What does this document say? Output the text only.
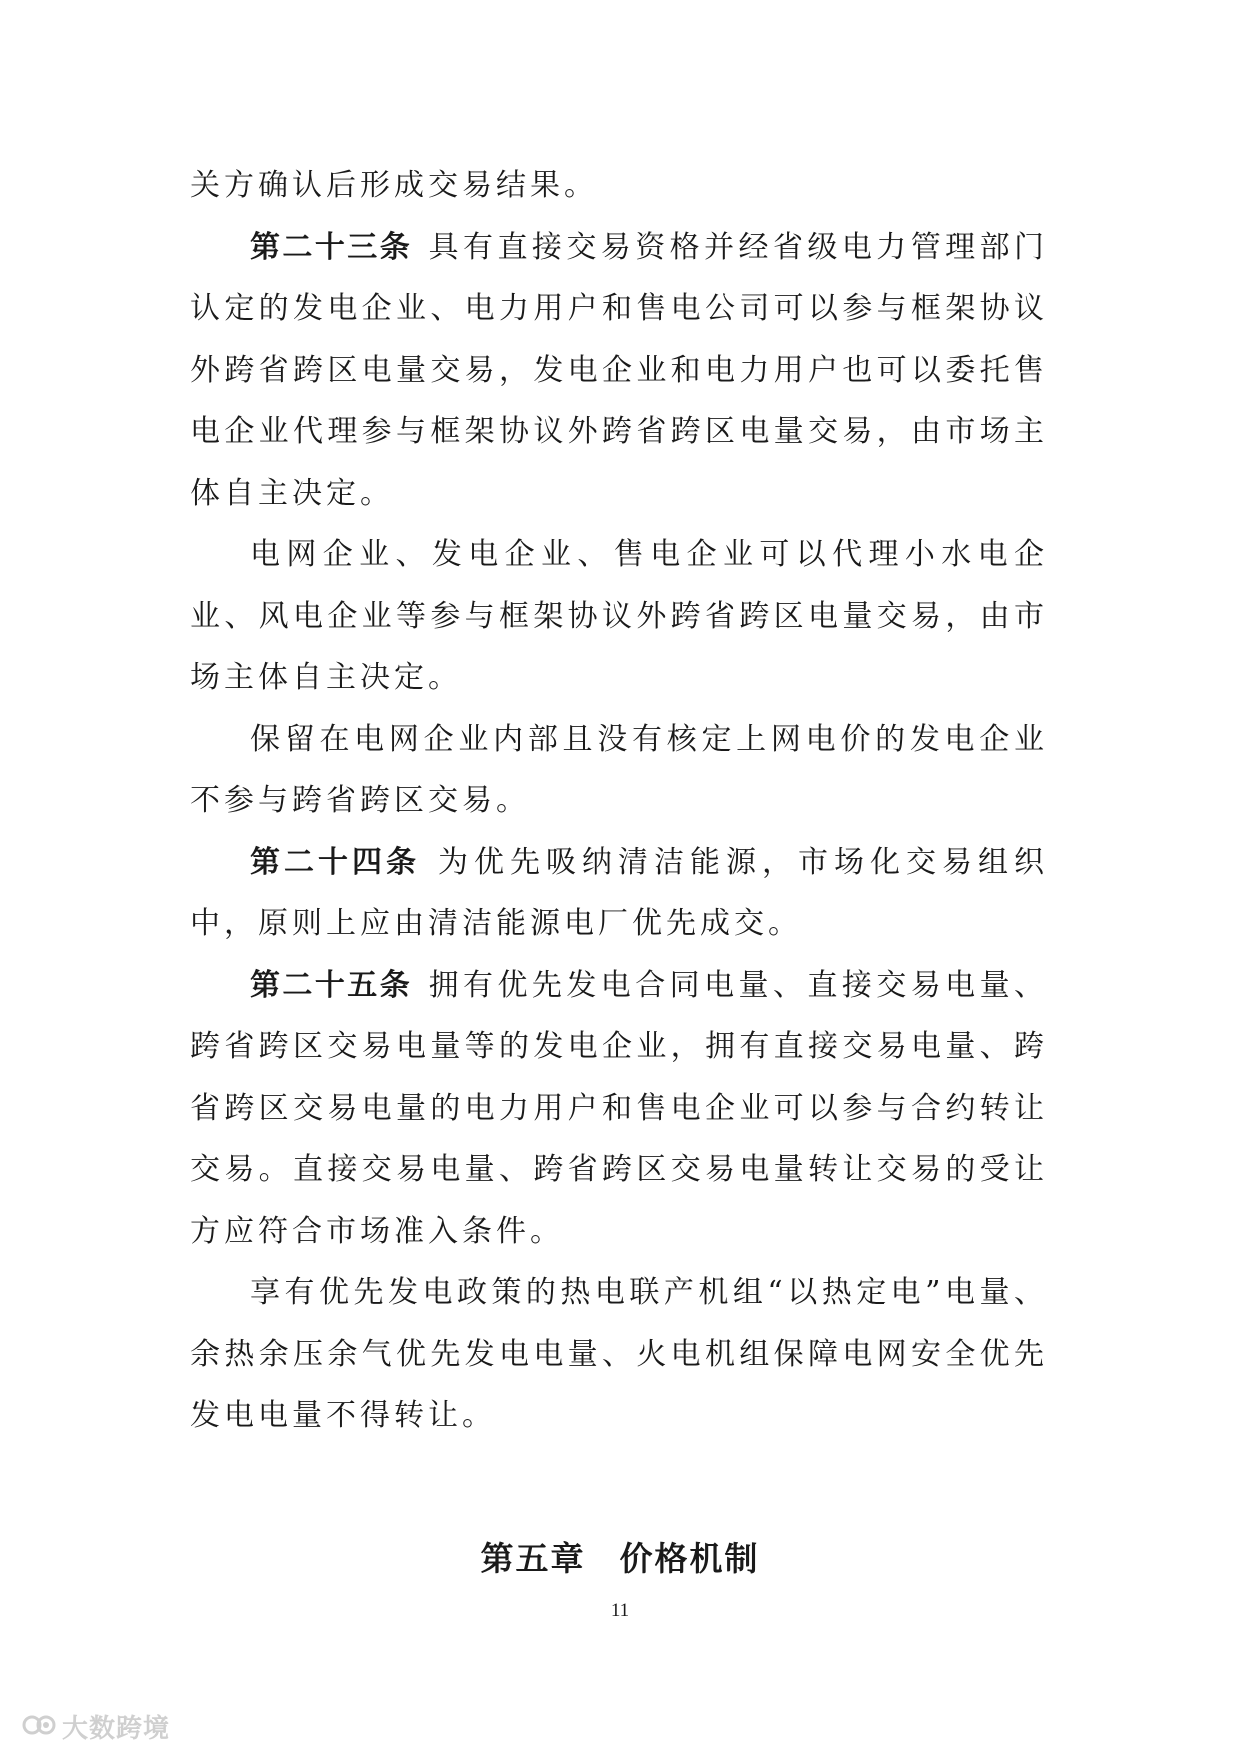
关方确认后形成交易结果。

第二十三条 具有直接交易资格并经省级电力管理部门认定的发电企业、电力用户和售电公司可以参与框架协议外跨省跨区电量交易，发电企业和电力用户也可以委托售电企业代理参与框架协议外跨省跨区电量交易，由市场主体自主决定。

电网企业、发电企业、售电企业可以代理小水电企业、风电企业等参与框架协议外跨省跨区电量交易，由市场主体自主决定。

保留在电网企业内部且没有核定上网电价的发电企业不参与跨省跨区交易。

第二十四条 为优先吸纳清洁能源，市场化交易组织中，原则上应由清洁能源电厂优先成交。

第二十五条 拥有优先发电合同电量、直接交易电量、跨省跨区交易电量等的发电企业，拥有直接交易电量、跨省跨区交易电量的电力用户和售电企业可以参与合约转让交易。直接交易电量、跨省跨区交易电量转让交易的受让方应符合市场准入条件。

享有优先发电政策的热电联产机组“以热定电”电量、余热余压余气优先发电电量、火电机组保障电网安全优先发电电量不得转让。

第五章 价格机制
11
大数跨境
